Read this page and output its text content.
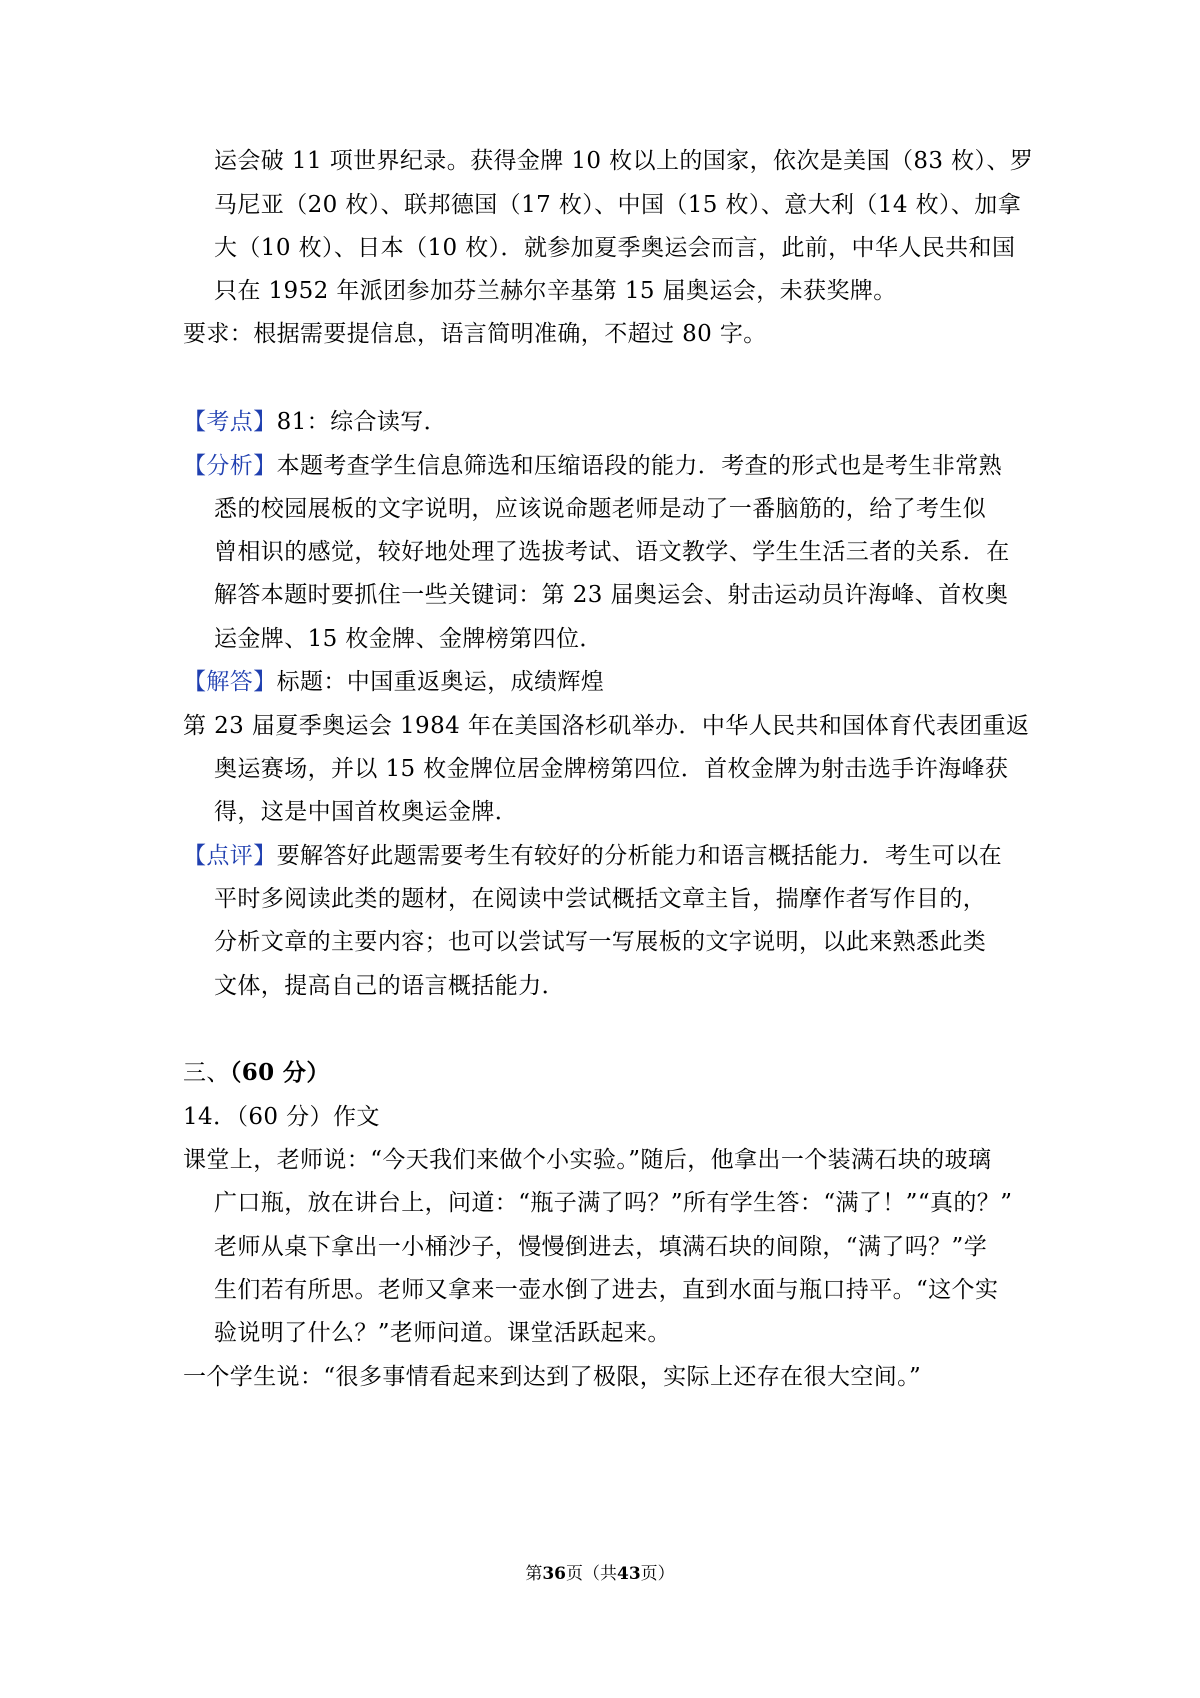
运会破 11 项世界纪录。获得金牌 10 枚以上的国家，依次是美国（83 枚）、罗
马尼亚（20 枚）、联邦德国（17 枚）、中国（15 枚）、意大利（14 枚）、加拿
大（10 枚）、日本（10 枚）．就参加夏季奥运会而言，此前，中华人民共和国
只在 1952 年派团参加芬兰赫尔辛基第 15 届奥运会，未获奖牌。
要求：根据需要提信息，语言简明准确，不超过 80 字。
【考点】81：综合读写．
【分析】本题考查学生信息筛选和压缩语段的能力．考查的形式也是考生非常熟
悉的校园展板的文字说明，应该说命题老师是动了一番脑筋的，给了考生似
曾相识的感觉，较好地处理了选拔考试、语文教学、学生生活三者的关系．在
解答本题时要抓住一些关键词：第 23 届奥运会、射击运动员许海峰、首枚奥
运金牌、15 枚金牌、金牌榜第四位．
【解答】标题：中国重返奥运，成绩辉煌
第 23 届夏季奥运会 1984 年在美国洛杉矶举办．中华人民共和国体育代表团重返
奥运赛场，并以 15 枚金牌位居金牌榜第四位．首枚金牌为射击选手许海峰获
得，这是中国首枚奥运金牌．
【点评】要解答好此题需要考生有较好的分析能力和语言概括能力．考生可以在
平时多阅读此类的题材，在阅读中尝试概括文章主旨，揣摩作者写作目的，
分析文章的主要内容；也可以尝试写一写展板的文字说明，以此来熟悉此类
文体，提高自己的语言概括能力．
三、（60 分）
14．（60 分）作文
课堂上，老师说：“今天我们来做个小实验。”随后，他拿出一个装满石块的玻璃
广口瓶，放在讲台上，问道：“瓶子满了吗？”所有学生答：“满了！”“真的？”
老师从桌下拿出一小桶沙子，慢慢倒进去，填满石块的间隙，“满了吗？”学
生们若有所思。老师又拿来一壶水倒了进去，直到水面与瓶口持平。“这个实
验说明了什么？”老师问道。课堂活跃起来。
一个学生说：“很多事情看起来到达到了极限，实际上还存在很大空间。”
第36页（共43页）
